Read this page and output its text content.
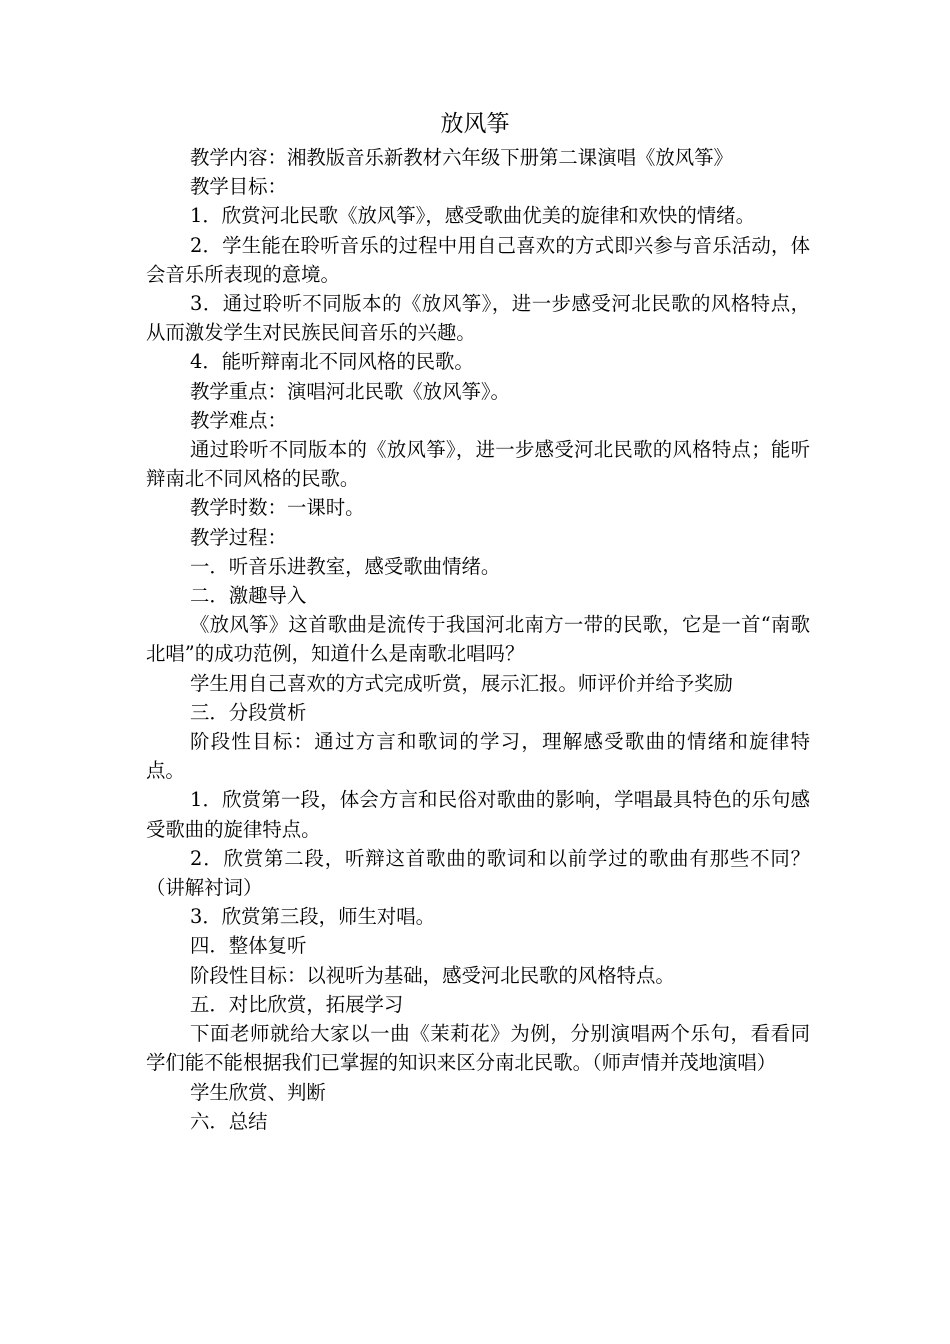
放风筝

教学内容：湘教版音乐新教材六年级下册第二课演唱《放风筝》

教学目标：

1．欣赏河北民歌《放风筝》，感受歌曲优美的旋律和欢快的情绪。

2．学生能在聆听音乐的过程中用自己喜欢的方式即兴参与音乐活动，体会音乐所表现的意境。

3．通过聆听不同版本的《放风筝》，进一步感受河北民歌的风格特点，从而激发学生对民族民间音乐的兴趣。

4．能听辩南北不同风格的民歌。

教学重点：演唱河北民歌《放风筝》。

教学难点：

通过聆听不同版本的《放风筝》，进一步感受河北民歌的风格特点；能听辩南北不同风格的民歌。

教学时数：一课时。

教学过程：

一．听音乐进教室，感受歌曲情绪。

二．激趣导入

《放风筝》这首歌曲是流传于我国河北南方一带的民歌，它是一首“南歌北唱”的成功范例，知道什么是南歌北唱吗？

学生用自己喜欢的方式完成听赏，展示汇报。师评价并给予奖励

三．分段赏析

阶段性目标：通过方言和歌词的学习，理解感受歌曲的情绪和旋律特点。

1．欣赏第一段，体会方言和民俗对歌曲的影响，学唱最具特色的乐句感受歌曲的旋律特点。

2．欣赏第二段，听辩这首歌曲的歌词和以前学过的歌曲有那些不同？（讲解衬词）

3．欣赏第三段，师生对唱。

四．整体复听

阶段性目标：以视听为基础，感受河北民歌的风格特点。

五．对比欣赏，拓展学习

下面老师就给大家以一曲《茉莉花》为例，分别演唱两个乐句，看看同学们能不能根据我们已掌握的知识来区分南北民歌。（师声情并茂地演唱）

学生欣赏、判断

六．总结
